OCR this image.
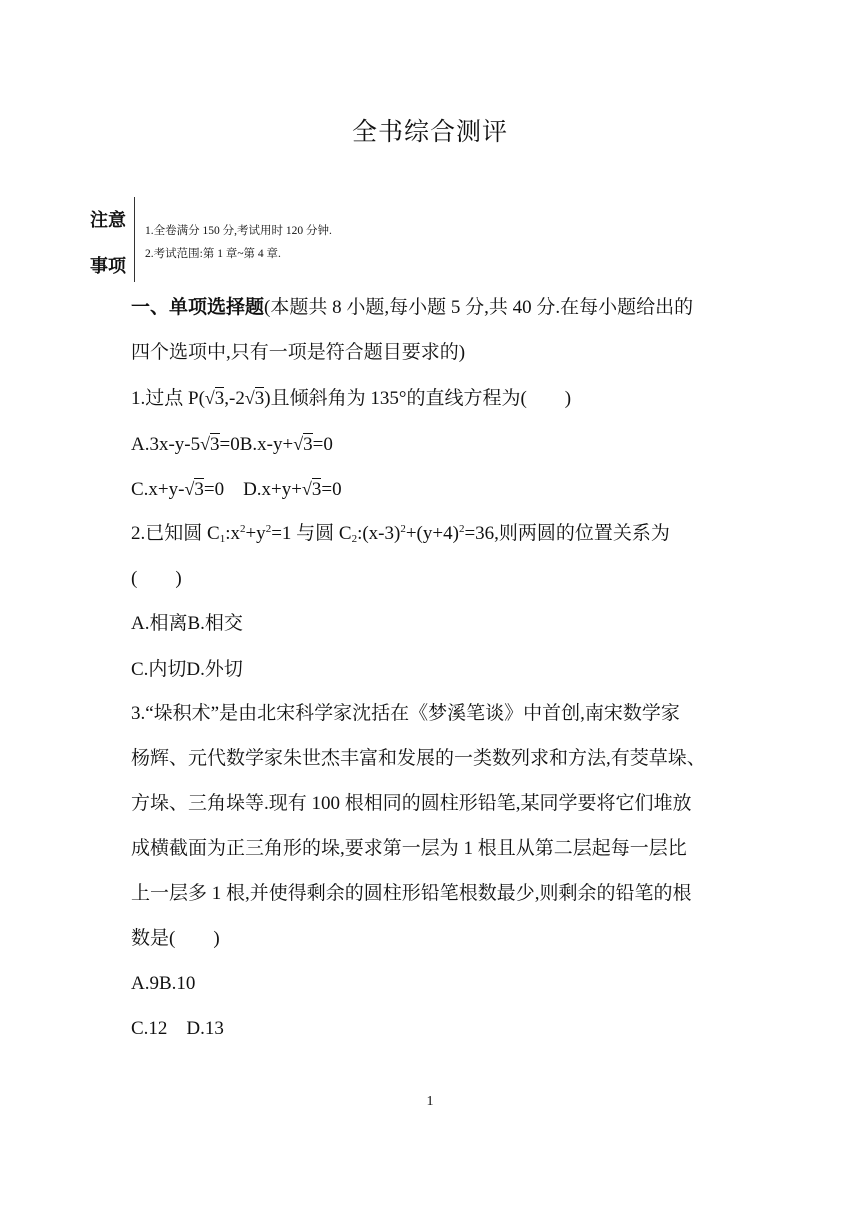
全书综合测评
注意
事项
1.全卷满分 150 分,考试用时 120 分钟.
2.考试范围:第 1 章~第 4 章.
一、单项选择题(本题共 8 小题,每小题 5 分,共 40 分.在每小题给出的
四个选项中,只有一项是符合题目要求的)
1.过点 P(√3,-2√3)且倾斜角为 135°的直线方程为(        )
A.3x-y-5√3=0B.x-y+√3=0
C.x+y-√3=0    D.x+y+√3=0
2.已知圆 $C_1:x^2+y^2=1$ 与圆 $C_2:(x-3)^2+(y+4)^2=36$,则两圆的位置关系为
(        )
A.相离B.相交
C.内切D.外切
3.“垛积术”是由北宋科学家沈括在《梦溪笔谈》中首创,南宋数学家
杨辉、元代数学家朱世杰丰富和发展的一类数列求和方法,有茭草垛、
方垛、三角垛等.现有 100 根相同的圆柱形铅笔,某同学要将它们堆放
成横截面为正三角形的垛,要求第一层为 1 根且从第二层起每一层比
上一层多 1 根,并使得剩余的圆柱形铅笔根数最少,则剩余的铅笔的根
数是(        )
A.9B.10
C.12    D.13
1
